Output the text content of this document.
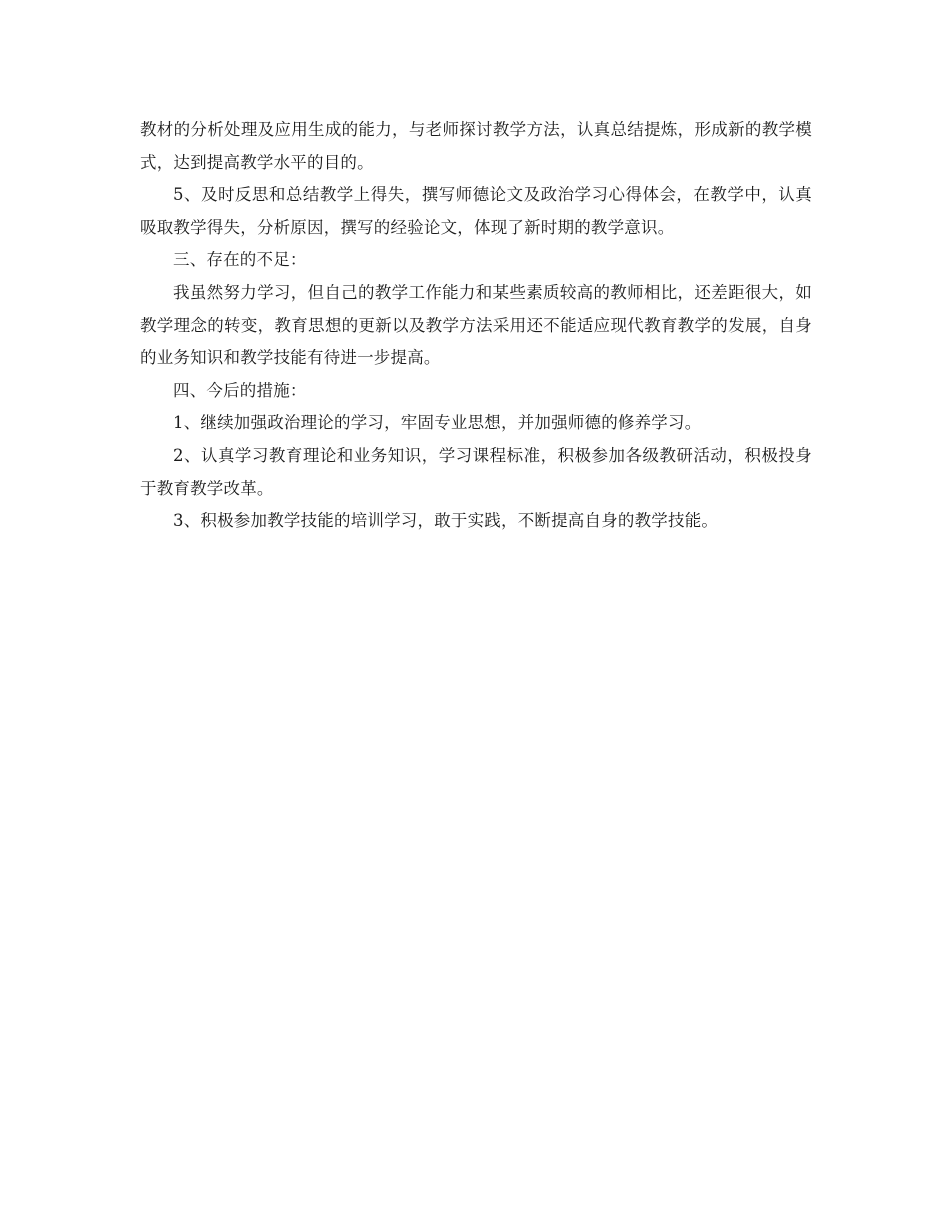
教材的分析处理及应用生成的能力，与老师探讨教学方法，认真总结提炼，形成新的教学模式，达到提高教学水平的目的。

5、及时反思和总结教学上得失，撰写师德论文及政治学习心得体会，在教学中，认真吸取教学得失，分析原因，撰写的经验论文，体现了新时期的教学意识。

三、存在的不足：

我虽然努力学习，但自己的教学工作能力和某些素质较高的教师相比，还差距很大，如教学理念的转变，教育思想的更新以及教学方法采用还不能适应现代教育教学的发展，自身的业务知识和教学技能有待进一步提高。

四、今后的措施：

1、继续加强政治理论的学习，牢固专业思想，并加强师德的修养学习。

2、认真学习教育理论和业务知识，学习课程标准，积极参加各级教研活动，积极投身于教育教学改革。

3、积极参加教学技能的培训学习，敢于实践，不断提高自身的教学技能。
